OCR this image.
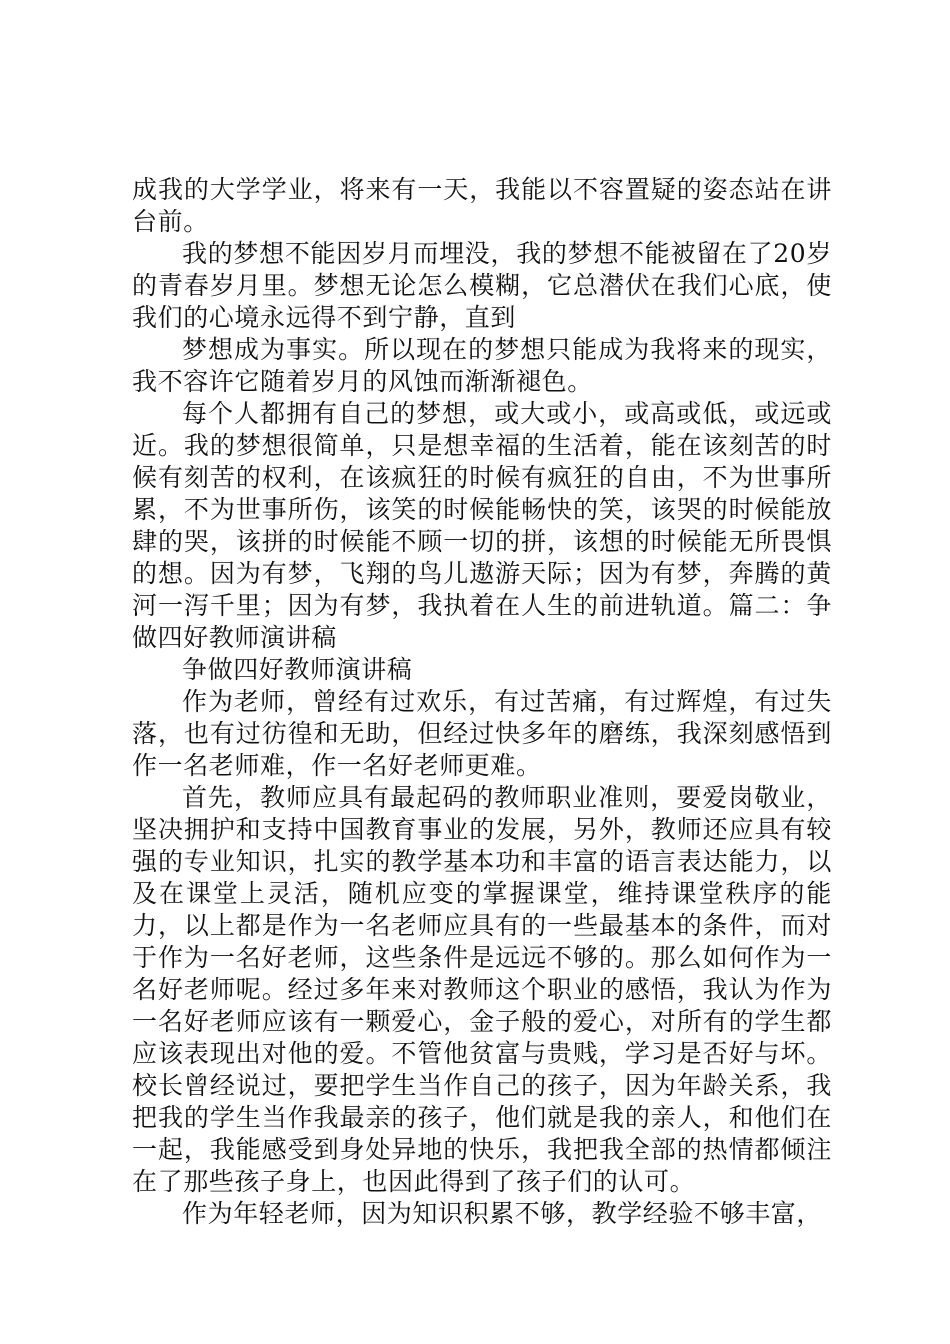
成我的大学学业，将来有一天，我能以不容置疑的姿态站在讲台前。

我的梦想不能因岁月而埋没，我的梦想不能被留在了20岁的青春岁月里。梦想无论怎么模糊，它总潜伏在我们心底，使我们的心境永远得不到宁静，直到

梦想成为事实。所以现在的梦想只能成为我将来的现实，我不容许它随着岁月的风蚀而渐渐褪色。

每个人都拥有自己的梦想，或大或小，或高或低，或远或近。我的梦想很简单，只是想幸福的生活着，能在该刻苦的时候有刻苦的权利，在该疯狂的时候有疯狂的自由，不为世事所累，不为世事所伤，该笑的时候能畅快的笑，该哭的时候能放肆的哭，该拼的时候能不顾一切的拼，该想的时候能无所畏惧的想。因为有梦，飞翔的鸟儿遨游天际；因为有梦，奔腾的黄河一泻千里；因为有梦，我执着在人生的前进轨道。篇二：争做四好教师演讲稿

争做四好教师演讲稿

作为老师，曾经有过欢乐，有过苦痛，有过辉煌，有过失落，也有过彷徨和无助，但经过快多年的磨练，我深刻感悟到作一名老师难，作一名好老师更难。

首先，教师应具有最起码的教师职业准则，要爱岗敬业，坚决拥护和支持中国教育事业的发展，另外，教师还应具有较强的专业知识，扎实的教学基本功和丰富的语言表达能力，以及在课堂上灵活，随机应变的掌握课堂，维持课堂秩序的能力，以上都是作为一名老师应具有的一些最基本的条件，而对于作为一名好老师，这些条件是远远不够的。那么如何作为一名好老师呢。经过多年来对教师这个职业的感悟，我认为作为一名好老师应该有一颗爱心，金子般的爱心，对所有的学生都应该表现出对他的爱。不管他贫富与贵贱，学习是否好与坏。校长曾经说过，要把学生当作自己的孩子，因为年龄关系，我把我的学生当作我最亲的孩子，他们就是我的亲人，和他们在一起，我能感受到身处异地的快乐，我把我全部的热情都倾注在了那些孩子身上，也因此得到了孩子们的认可。

作为年轻老师，因为知识积累不够，教学经验不够丰富，
